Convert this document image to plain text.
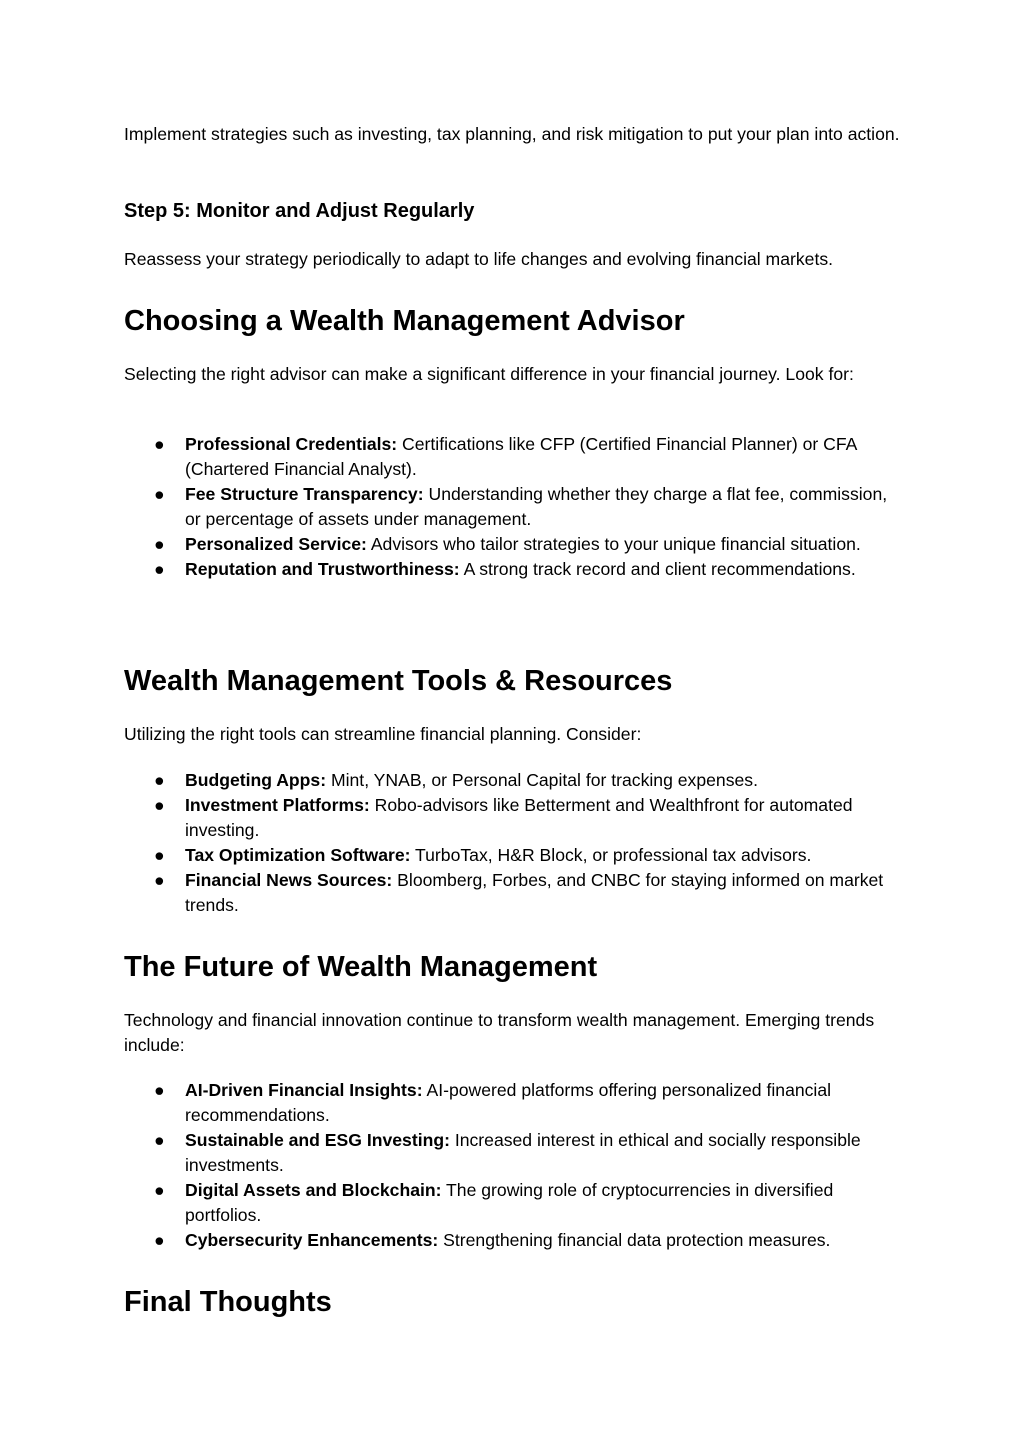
Implement strategies such as investing, tax planning, and risk mitigation to put your plan into action.

Step 5: Monitor and Adjust Regularly

Reassess your strategy periodically to adapt to life changes and evolving financial markets.

Choosing a Wealth Management Advisor

Selecting the right advisor can make a significant difference in your financial journey. Look for:

● Professional Credentials: Certifications like CFP (Certified Financial Planner) or CFA (Chartered Financial Analyst).
● Fee Structure Transparency: Understanding whether they charge a flat fee, commission, or percentage of assets under management.
● Personalized Service: Advisors who tailor strategies to your unique financial situation.
● Reputation and Trustworthiness: A strong track record and client recommendations.
Wealth Management Tools & Resources

Utilizing the right tools can streamline financial planning. Consider:

● Budgeting Apps: Mint, YNAB, or Personal Capital for tracking expenses.
● Investment Platforms: Robo-advisors like Betterment and Wealthfront for automated investing.
● Tax Optimization Software: TurboTax, H&R Block, or professional tax advisors.
● Financial News Sources: Bloomberg, Forbes, and CNBC for staying informed on market trends.
The Future of Wealth Management

Technology and financial innovation continue to transform wealth management. Emerging trends include:

● AI-Driven Financial Insights: AI-powered platforms offering personalized financial recommendations.
● Sustainable and ESG Investing: Increased interest in ethical and socially responsible investments.
● Digital Assets and Blockchain: The growing role of cryptocurrencies in diversified portfolios.
● Cybersecurity Enhancements: Strengthening financial data protection measures.
Final Thoughts
